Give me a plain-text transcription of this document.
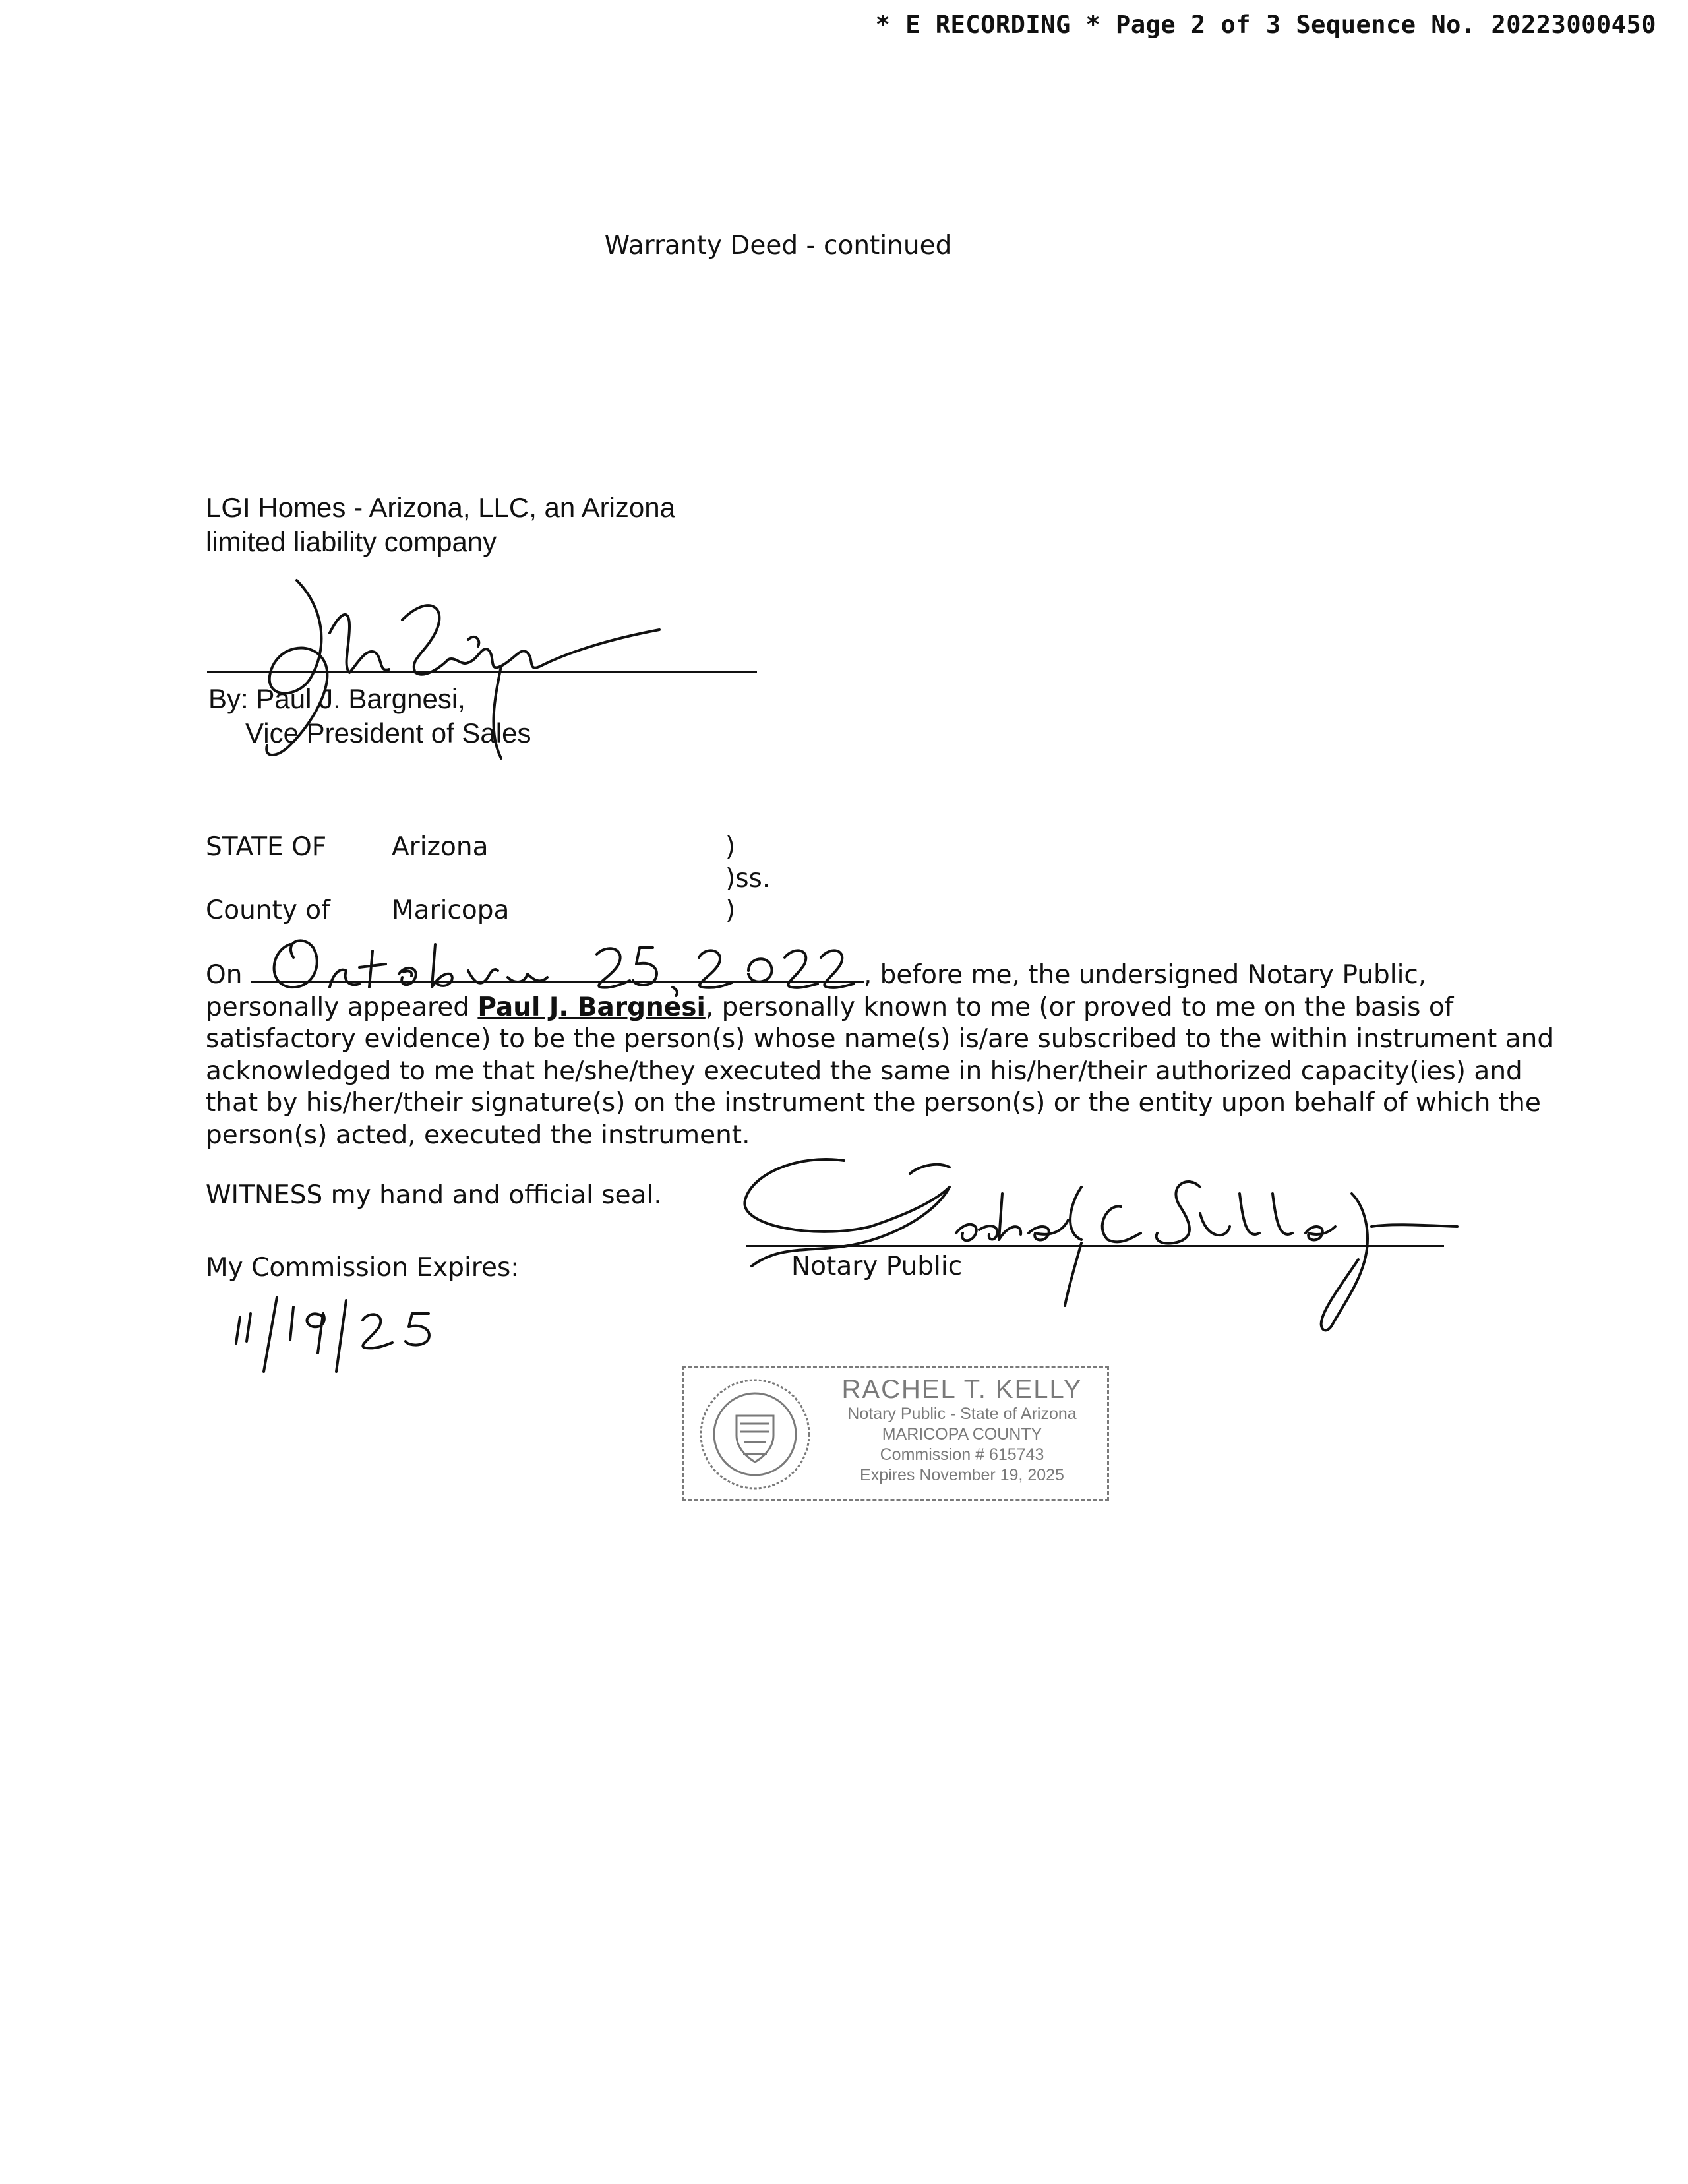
* E RECORDING * Page 2 of 3 Sequence No. 20223000450
Warranty Deed - continued
LGI Homes - Arizona, LLC, an Arizona
limited liability company
By: Paul J. Bargnesi,
Vice President of Sales
STATE OF	Arizona	)
)ss.
County of Maricopa	)
On	, before me, the undersigned Notary Public,
personally appeared Paul J. Bargnesi, personally known to me (or proved to me on the basis of
satisfactory evidence) to be the person(s) whose name(s) is/are subscribed to the within instrument and
acknowledged to me that he/she/they executed the same in his/her/their authorized capacity(ies) and
that by his/her/their signature(s) on the instrument the person(s) or the entity upon behalf of which the
person(s) acted, executed the instrument.
WITNESS my hand and official seal.
My Commission Expires:	Notary Public
RACHEL T. KELLY
Notary Public - State of Arizona
MARICOPA COUNTY
Commission # 615743
Expires November 19, 2025
